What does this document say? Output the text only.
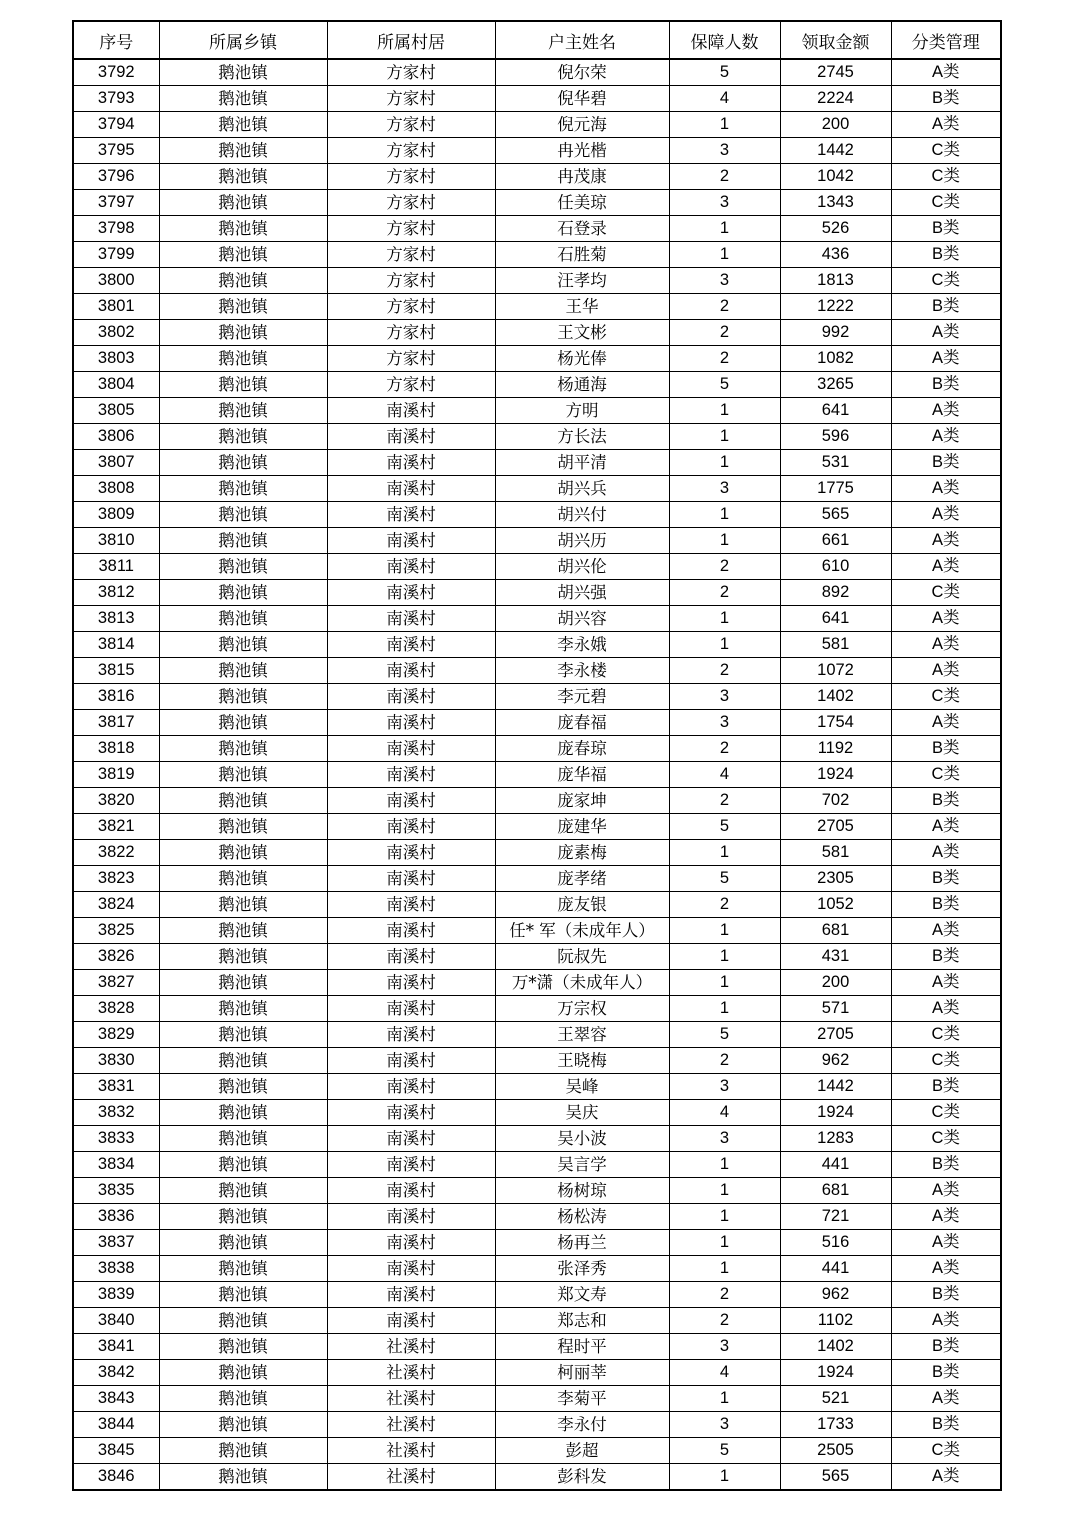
序号	所属乡镇	所属村居	户主姓名	保障人数	领取金额	分类管理
3792	鹅池镇	方家村	倪尔荣	5	2745	A类
3793	鹅池镇	方家村	倪华碧	4	2224	B类
3794	鹅池镇	方家村	倪元海	1	200	A类
3795	鹅池镇	方家村	冉光楷	3	1442	C类
3796	鹅池镇	方家村	冉茂康	2	1042	C类
3797	鹅池镇	方家村	任美琼	3	1343	C类
3798	鹅池镇	方家村	石登录	1	526	B类
3799	鹅池镇	方家村	石胜菊	1	436	B类
3800	鹅池镇	方家村	汪孝均	3	1813	C类
3801	鹅池镇	方家村	王华	2	1222	B类
3802	鹅池镇	方家村	王文彬	2	992	A类
3803	鹅池镇	方家村	杨光俸	2	1082	A类
3804	鹅池镇	方家村	杨通海	5	3265	B类
3805	鹅池镇	南溪村	方明	1	641	A类
3806	鹅池镇	南溪村	方长法	1	596	A类
3807	鹅池镇	南溪村	胡平清	1	531	B类
3808	鹅池镇	南溪村	胡兴兵	3	1775	A类
3809	鹅池镇	南溪村	胡兴付	1	565	A类
3810	鹅池镇	南溪村	胡兴历	1	661	A类
3811	鹅池镇	南溪村	胡兴伦	2	610	A类
3812	鹅池镇	南溪村	胡兴强	2	892	C类
3813	鹅池镇	南溪村	胡兴容	1	641	A类
3814	鹅池镇	南溪村	李永娥	1	581	A类
3815	鹅池镇	南溪村	李永楼	2	1072	A类
3816	鹅池镇	南溪村	李元碧	3	1402	C类
3817	鹅池镇	南溪村	庞春福	3	1754	A类
3818	鹅池镇	南溪村	庞春琼	2	1192	B类
3819	鹅池镇	南溪村	庞华福	4	1924	C类
3820	鹅池镇	南溪村	庞家坤	2	702	B类
3821	鹅池镇	南溪村	庞建华	5	2705	A类
3822	鹅池镇	南溪村	庞素梅	1	581	A类
3823	鹅池镇	南溪村	庞孝绪	5	2305	B类
3824	鹅池镇	南溪村	庞友银	2	1052	B类
3825	鹅池镇	南溪村	任* 军（未成年人）	1	681	A类
3826	鹅池镇	南溪村	阮叔先	1	431	B类
3827	鹅池镇	南溪村	万*潇（未成年人）	1	200	A类
3828	鹅池镇	南溪村	万宗权	1	571	A类
3829	鹅池镇	南溪村	王翠容	5	2705	C类
3830	鹅池镇	南溪村	王晓梅	2	962	C类
3831	鹅池镇	南溪村	吴峰	3	1442	B类
3832	鹅池镇	南溪村	吴庆	4	1924	C类
3833	鹅池镇	南溪村	吴小波	3	1283	C类
3834	鹅池镇	南溪村	吴言学	1	441	B类
3835	鹅池镇	南溪村	杨树琼	1	681	A类
3836	鹅池镇	南溪村	杨松涛	1	721	A类
3837	鹅池镇	南溪村	杨再兰	1	516	A类
3838	鹅池镇	南溪村	张泽秀	1	441	A类
3839	鹅池镇	南溪村	郑文寿	2	962	B类
3840	鹅池镇	南溪村	郑志和	2	1102	A类
3841	鹅池镇	社溪村	程时平	3	1402	B类
3842	鹅池镇	社溪村	柯丽莘	4	1924	B类
3843	鹅池镇	社溪村	李菊平	1	521	A类
3844	鹅池镇	社溪村	李永付	3	1733	B类
3845	鹅池镇	社溪村	彭超	5	2505	C类
3846	鹅池镇	社溪村	彭科发	1	565	A类
